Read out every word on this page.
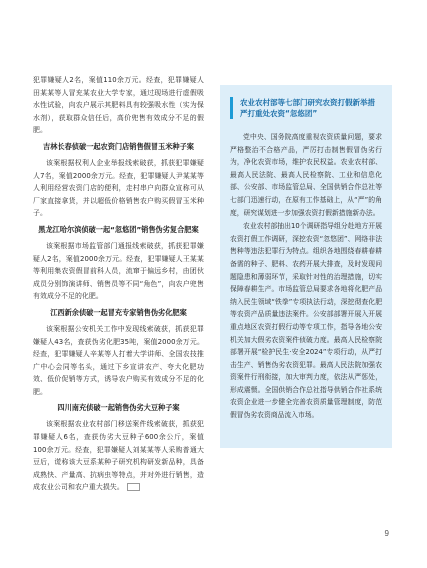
犯罪嫌疑人2名，案值110余万元。经查，犯罪嫌疑人田某某等人冒充某农业大学专家，通过现场进行虚假吸水性试验，向农户展示其肥料具有较强吸水性（实为保水剂），获取群众信任后，高价兜售有效成分不足的假肥。

吉林长春侦破一起农资门店销售假冒玉米种子案

该案根据权利人企业举报线索破获，抓获犯罪嫌疑人7名，案值2000余万元。经查，犯罪嫌疑人尹某某等人利用经营农资门店的便利，走村串户向群众宣称可从厂家直接拿货，并以超低价格销售农户购买假冒玉米种子。

黑龙江哈尔滨侦破一起“忽悠团”销售伪劣复合肥案

该案根据市场监管部门通报线索破获，抓获犯罪嫌疑人2名，案值2000余万元。经查，犯罪嫌疑人王某某等利用集农资假冒前科人员，流窜于偏远乡村，由团伙成员分别饰演讲师、销售员等不同“角色”，向农户兜售有效成分不足的化肥。

江西新余侦破一起冒充专家销售伪劣化肥案

该案根据公安机关工作中发现线索破获，抓获犯罪嫌疑人43名，查获伪劣化肥35吨，案值2000余万元。经查，犯罪嫌疑人辛某等人打着大学讲师、全国农技推广中心会同等名头，通过下乡宣讲农产、夸大化肥功效、低价促销等方式，诱导农户购买有效成分不足的化肥。

四川南充侦破一起销售伪劣大豆种子案

该案根据农业农村部门移送案件线索破获，抓获犯罪嫌疑人6名，查获伪劣大豆种子600余公斤，案值100余万元。经查，犯罪嫌疑人刘某某等人采购普通大豆后，谎称该大豆系某种子研究机构研发新品种，具备成熟快、产量高、抗病虫等特点，并对外进行销售，造成农业公司和农户重大损失。

农业农村部等七部门研究农资打假新举措 严打重处农资“忽悠团”

党中央、国务院高度重视农资质量问题，要求严格整治不合格产品，严厉打击制售假冒伪劣行为，净化农资市场，维护农民权益。农业农村部、最高人民法院、最高人民检察院、工业和信息化部、公安部、市场监管总局、全国供销合作总社等七部门迅速行动，在原有工作基础上，从“严”的角度，研究谋划进一步加强农资打假新措施新办法。

农业农村部抽出10个调研指导组分赴地方开展农资打假工作调研，深挖农资“忽悠团”、网络非法售种等违法犯罪行为特点。组织各地围绕春耕春耕备需的种子、肥料、农药开展大排查，及时发现问题隐患和薄弱环节，采取针对性的治理措施，切实保障春耕生产。市场监管总局要求各地将化肥产品纳入民生领域“铁拳”专项执法行动，深挖彻查化肥等农资产品质量违法案件。公安部部署开展入开展重点地区农资打假行动等专项工作，指导各地公安机关加大假劣农资案件侦破力度。最高人民检察院部署开展“检护民生·安全2024”专项行动，从严打击生产、销售伪劣农资犯罪。最高人民法院加强农资案件行刑衔接，加大审判力度，依法从严惩处，形成震慑。全国供销合作总社指导供销合作社系统农资企业进一步健全完善农资质量管理制度，防范假冒伪劣农资商品流入市场。

9
